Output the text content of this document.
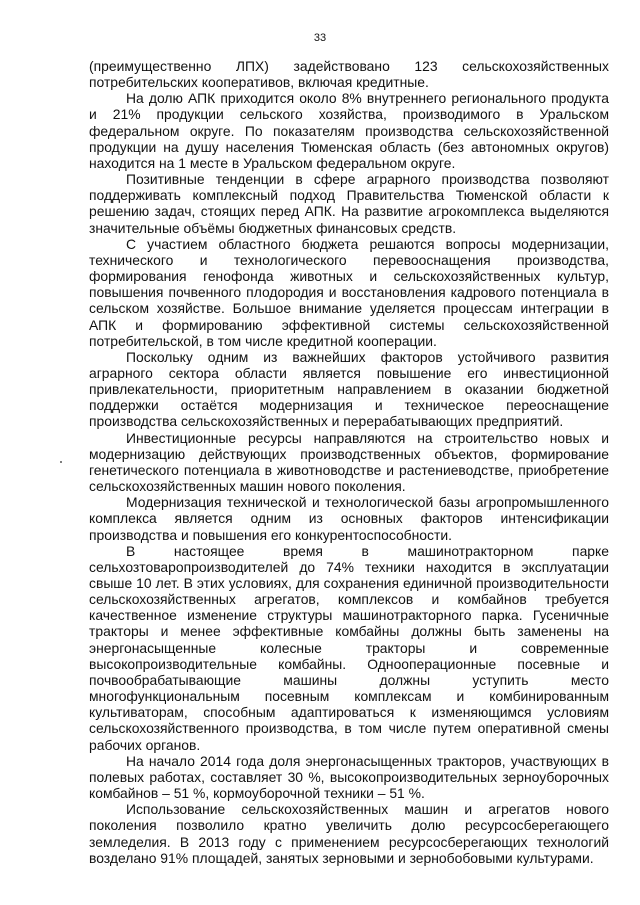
33

(преимущественно ЛПХ) задействовано 123 сельскохозяйственных потребительских кооперативов, включая кредитные.

На долю АПК приходится около 8% внутреннего регионального продукта и 21% продукции сельского хозяйства, производимого в Уральском федеральном округе. По показателям производства сельскохозяйственной продукции на душу населения Тюменская область (без автономных округов) находится на 1 месте в Уральском федеральном округе.

Позитивные тенденции в сфере аграрного производства позволяют поддерживать комплексный подход Правительства Тюменской области к решению задач, стоящих перед АПК. На развитие агрокомплекса выделяются значительные объёмы бюджетных финансовых средств.

С участием областного бюджета решаются вопросы модернизации, технического и технологического перевооснащения производства, формирования генофонда животных и сельскохозяйственных культур, повышения почвенного плодородия и восстановления кадрового потенциала в сельском хозяйстве. Большое внимание уделяется процессам интеграции в АПК и формированию эффективной системы сельскохозяйственной потребительской, в том числе кредитной кооперации.

Поскольку одним из важнейших факторов устойчивого развития аграрного сектора области является повышение его инвестиционной привлекательности, приоритетным направлением в оказании бюджетной поддержки остаётся модернизация и техническое переоснащение производства сельскохозяйственных и перерабатывающих предприятий.

Инвестиционные ресурсы направляются на строительство новых и модернизацию действующих производственных объектов, формирование генетического потенциала в животноводстве и растениеводстве, приобретение сельскохозяйственных машин нового поколения.

Модернизация технической и технологической базы агропромышленного комплекса является одним из основных факторов интенсификации производства и повышения его конкурентоспособности.

В настоящее время в машинотракторном парке сельхозтоваропроизводителей до 74% техники находится в эксплуатации свыше 10 лет. В этих условиях, для сохранения единичной производительности сельскохозяйственных агрегатов, комплексов и комбайнов требуется качественное изменение структуры машинотракторного парка. Гусеничные тракторы и менее эффективные комбайны должны быть заменены на энергонасыщенные колесные тракторы и современные высокопроизводительные комбайны. Однооперационные посевные и почвообрабатывающие машины должны уступить место многофункциональным посевным комплексам и комбинированным культиваторам, способным адаптироваться к изменяющимся условиям сельскохозяйственного производства, в том числе путем оперативной смены рабочих органов.

На начало 2014 года доля энергонасыщенных тракторов, участвующих в полевых работах, составляет 30 %, высокопроизводительных зерноуборочных комбайнов – 51 %, кормоуборочной техники – 51 %.

Использование сельскохозяйственных машин и агрегатов нового поколения позволило кратно увеличить долю ресурсосберегающего земледелия. В 2013 году с применением ресурсосберегающих технологий возделано 91% площадей, занятых зерновыми и зернобобовыми культурами.
